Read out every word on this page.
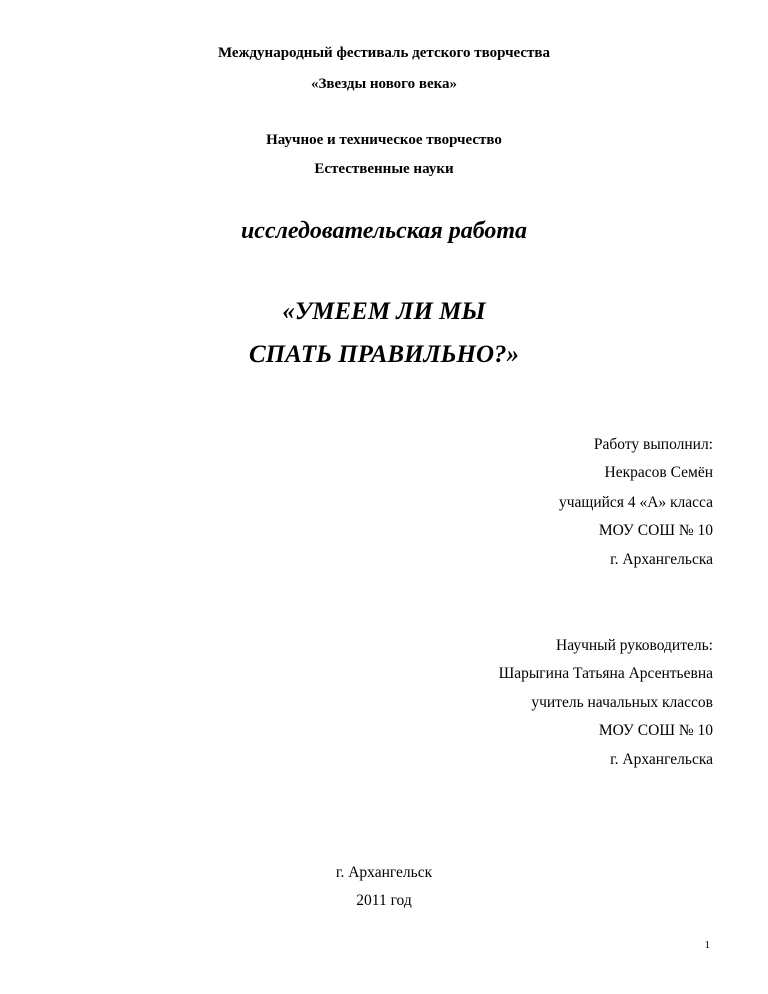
Международный фестиваль детского творчества
«Звезды нового века»
Научное и техническое творчество
Естественные науки
исследовательская работа
«УМЕЕМ ЛИ МЫ
СПАТЬ ПРАВИЛЬНО?»
Работу выполнил:
Некрасов Семён
учащийся 4 «А» класса
МОУ СОШ № 10
г. Архангельска
Научный руководитель:
Шарыгина Татьяна Арсентьевна
учитель начальных классов
МОУ СОШ № 10
г. Архангельска
г. Архангельск
2011 год
1
